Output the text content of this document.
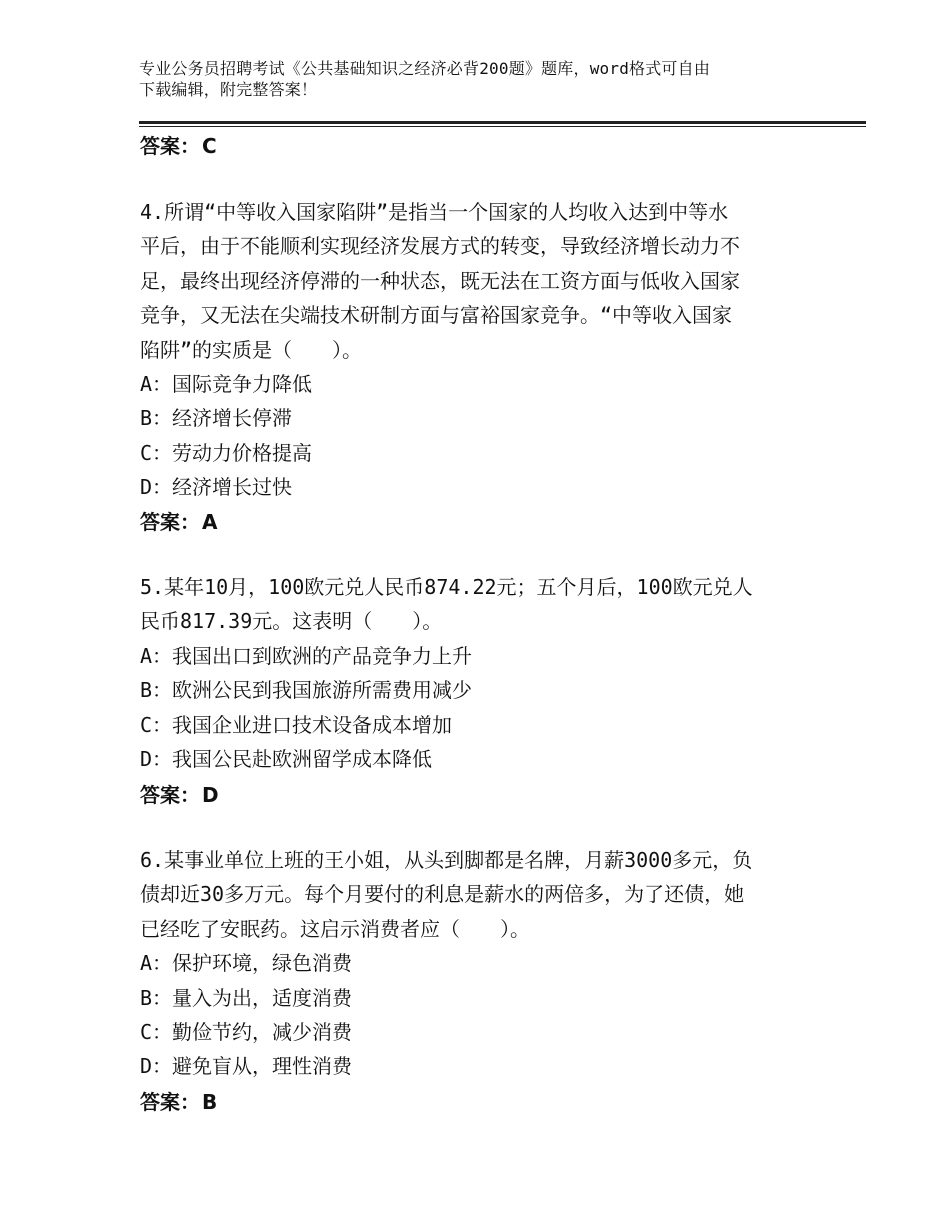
专业公务员招聘考试《公共基础知识之经济必背200题》题库，word格式可自由
下载编辑，附完整答案！
答案： C
4.所谓“中等收入国家陷阱”是指当一个国家的人均收入达到中等水
平后，由于不能顺利实现经济发展方式的转变，导致经济增长动力不
足，最终出现经济停滞的一种状态，既无法在工资方面与低收入国家
竞争，又无法在尖端技术研制方面与富裕国家竞争。“中等收入国家
陷阱”的实质是（　　）。
A：国际竞争力降低
B：经济增长停滞
C：劳动力价格提高
D：经济增长过快
答案： A
5.某年10月，100欧元兑人民币874.22元；五个月后，100欧元兑人
民币817.39元。这表明（　　）。
A：我国出口到欧洲的产品竞争力上升
B：欧洲公民到我国旅游所需费用减少
C：我国企业进口技术设备成本增加
D：我国公民赴欧洲留学成本降低
答案： D
6.某事业单位上班的王小姐，从头到脚都是名牌，月薪3000多元，负
债却近30多万元。每个月要付的利息是薪水的两倍多，为了还债，她
已经吃了安眠药。这启示消费者应（　　）。
A：保护环境，绿色消费
B：量入为出，适度消费
C：勤俭节约，减少消费
D：避免盲从，理性消费
答案： B
